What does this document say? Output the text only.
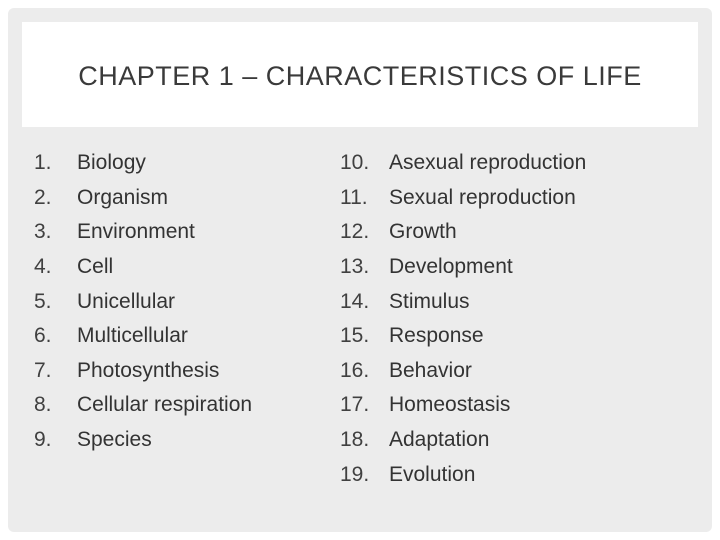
CHAPTER 1 – CHARACTERISTICS OF LIFE
1.	Biology
2.	Organism
3.	Environment
4.	Cell
5.	Unicellular
6.	Multicellular
7.	Photosynthesis
8.	Cellular respiration
9.	Species
10. Asexual reproduction
11.	Sexual reproduction
12. Growth
13. Development
14. Stimulus
15. Response
16. Behavior
17. Homeostasis
18. Adaptation
19. Evolution
